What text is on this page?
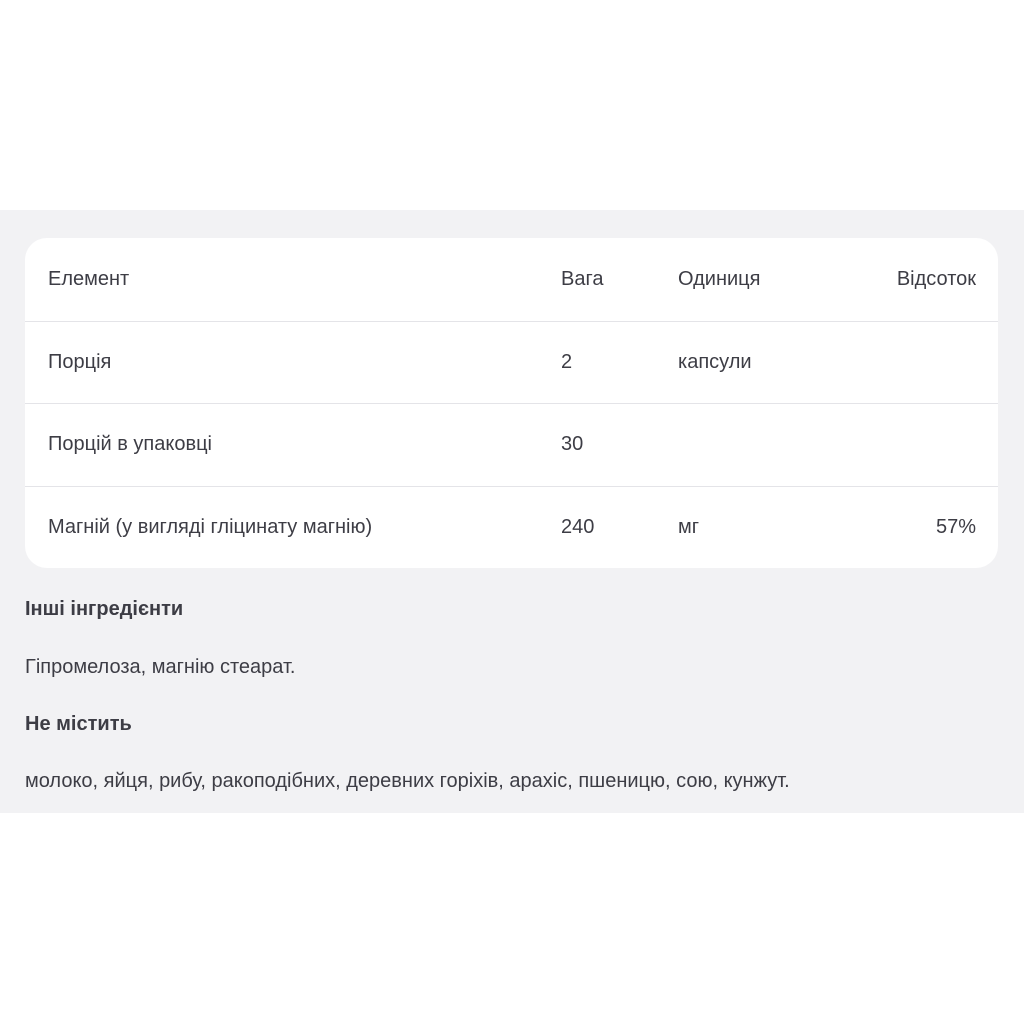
Елемент	Вага	Одиниця	Відсоток
Порція	2	капсули
Порцій в упаковці	30
Магній (у вигляді гліцинату магнію)	240	мг	57%
Інші інгредієнти
Гіпромелоза, магнію стеарат.
Не містить
молоко, яйця, рибу, ракоподібних, деревних горіхів, арахіс, пшеницю, сою, кунжут.
